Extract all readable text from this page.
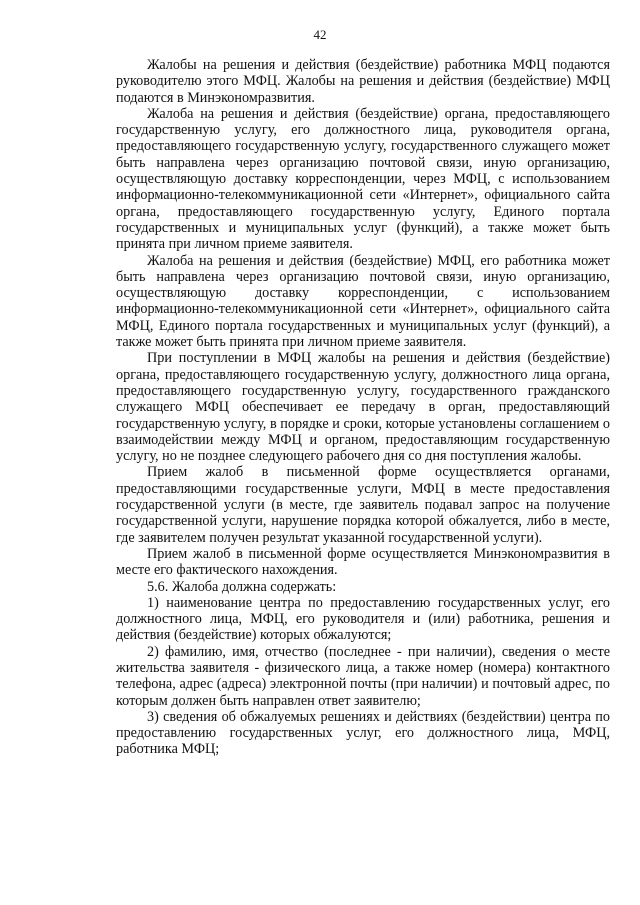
42

Жалобы на решения и действия (бездействие) работника МФЦ подаются руководителю этого МФЦ. Жалобы на решения и действия (бездействие) МФЦ подаются в Минэкономразвития.

Жалоба на решения и действия (бездействие) органа, предоставляющего государственную услугу, его должностного лица, руководителя органа, предоставляющего государственную услугу, государственного служащего может быть направлена через организацию почтовой связи, иную организацию, осуществляющую доставку корреспонденции, через МФЦ, с использованием информационно-телекоммуникационной сети «Интернет», официального сайта органа, предоставляющего государственную услугу, Единого портала государственных и муниципальных услуг (функций), а также может быть принята при личном приеме заявителя.

Жалоба на решения и действия (бездействие) МФЦ, его работника может быть направлена через организацию почтовой связи, иную организацию, осуществляющую доставку корреспонденции, с использованием информационно-телекоммуникационной сети «Интернет», официального сайта МФЦ, Единого портала государственных и муниципальных услуг (функций), а также может быть принята при личном приеме заявителя.

При поступлении в МФЦ жалобы на решения и действия (бездействие) органа, предоставляющего государственную услугу, должностного лица органа, предоставляющего государственную услугу, государственного гражданского служащего МФЦ обеспечивает ее передачу в орган, предоставляющий государственную услугу, в порядке и сроки, которые установлены соглашением о взаимодействии между МФЦ и органом, предоставляющим государственную услугу, но не позднее следующего рабочего дня со дня поступления жалобы.

Прием жалоб в письменной форме осуществляется органами, предоставляющими государственные услуги, МФЦ в месте предоставления государственной услуги (в месте, где заявитель подавал запрос на получение государственной услуги, нарушение порядка которой обжалуется, либо в месте, где заявителем получен результат указанной государственной услуги).

Прием жалоб в письменной форме осуществляется Минэкономразвития в месте его фактического нахождения.

5.6. Жалоба должна содержать:

1) наименование центра по предоставлению государственных услуг, его должностного лица, МФЦ, его руководителя и (или) работника, решения и действия (бездействие) которых обжалуются;

2) фамилию, имя, отчество (последнее - при наличии), сведения о месте жительства заявителя - физического лица, а также номер (номера) контактного телефона, адрес (адреса) электронной почты (при наличии) и почтовый адрес, по которым должен быть направлен ответ заявителю;

3) сведения об обжалуемых решениях и действиях (бездействии) центра по предоставлению государственных услуг, его должностного лица, МФЦ, работника МФЦ;
